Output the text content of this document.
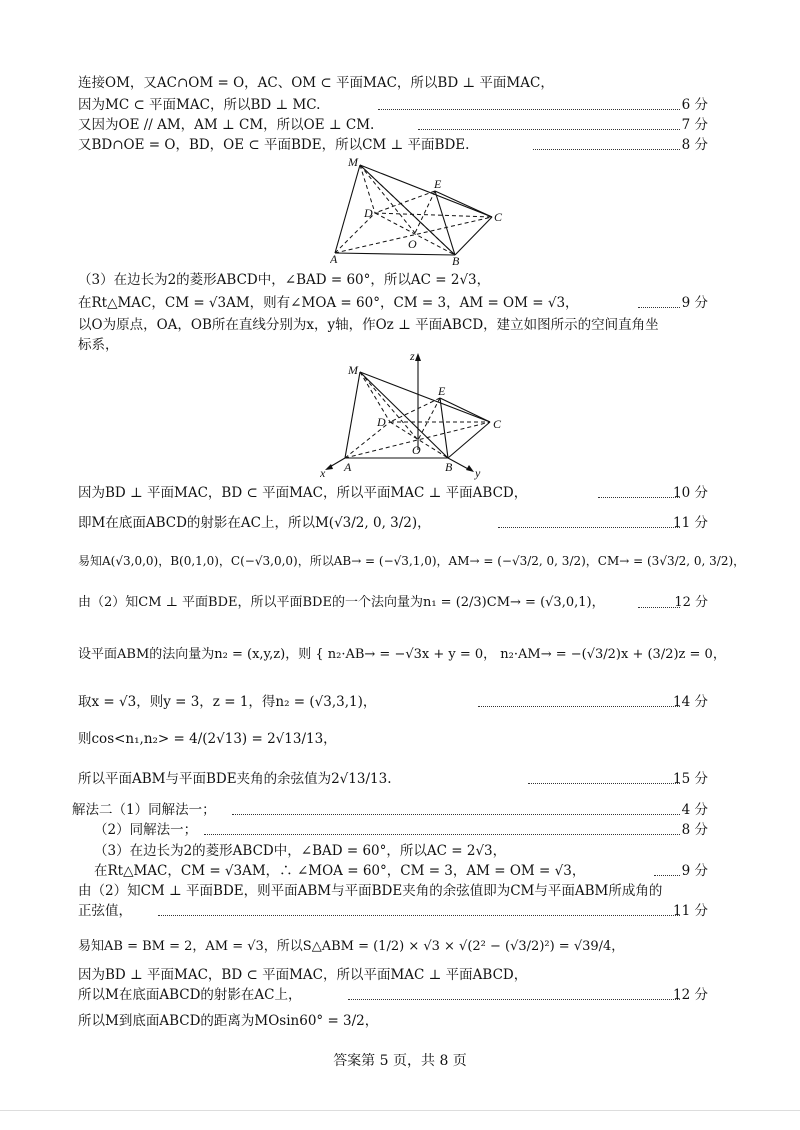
连接OM，又AC∩OM = O，AC、OM ⊂ 平面MAC，所以BD ⊥ 平面MAC，
因为MC ⊂ 平面MAC，所以BD ⊥ MC.	6 分
又因为OE // AM，AM ⊥ CM，所以OE ⊥ CM.	7 分
又BD∩OE = O，BD，OE ⊂ 平面BDE，所以CM ⊥ 平面BDE.	8 分
M
E
D	C
O
A	B
（3）在边长为2的菱形ABCD中，∠BAD = 60°，所以AC = 2√3，
在Rt△MAC，CM = √3AM，则有∠MOA = 60°，CM = 3，AM = OM = √3，	9 分
以O为原点，OA，OB所在直线分别为x，y轴，作Oz ⊥ 平面ABCD，建立如图所示的空间直角坐
标系，
M
E
D	C
O
A	B
x	y
z
因为BD ⊥ 平面MAC，BD ⊂ 平面MAC，所以平面MAC ⊥ 平面ABCD，	10 分
即M在底面ABCD的射影在AC上，所以M(√3/2, 0, 3/2)，	11 分
易知A(√3,0,0)，B(0,1,0)，C(−√3,0,0)，所以AB→ = (−√3,1,0)，AM→ = (−√3/2, 0, 3/2)，CM→ = (3√3/2, 0, 3/2)，
由（2）知CM ⊥ 平面BDE，所以平面BDE的一个法向量为n₁ = (2/3)CM→ = (√3,0,1)，	12 分
设平面ABM的法向量为n₂ = (x,y,z)，则 { n₂·AB→ = −√3x + y = 0， n₂·AM→ = −(√3/2)x + (3/2)z = 0，
取x = √3，则y = 3，z = 1，得n₂ = (√3,3,1)，	14 分
则cos<n₁,n₂> = 4/(2√13) = 2√13/13，
所以平面ABM与平面BDE夹角的余弦值为2√13/13.	15 分
解法二（1）同解法一；	4 分
（2）同解法一；	8 分
（3）在边长为2的菱形ABCD中，∠BAD = 60°，所以AC = 2√3，
在Rt△MAC，CM = √3AM，∴ ∠MOA = 60°，CM = 3，AM = OM = √3，	9 分
由（2）知CM ⊥ 平面BDE，则平面ABM与平面BDE夹角的余弦值即为CM与平面ABM所成角的
正弦值，	11 分
易知AB = BM = 2，AM = √3，所以S△ABM = (1/2) × √3 × √(2² − (√3/2)²) = √39/4，
因为BD ⊥ 平面MAC，BD ⊂ 平面MAC，所以平面MAC ⊥ 平面ABCD，
所以M在底面ABCD的射影在AC上，	12 分
所以M到底面ABCD的距离为MOsin60° = 3/2，
答案第 5 页，共 8 页
